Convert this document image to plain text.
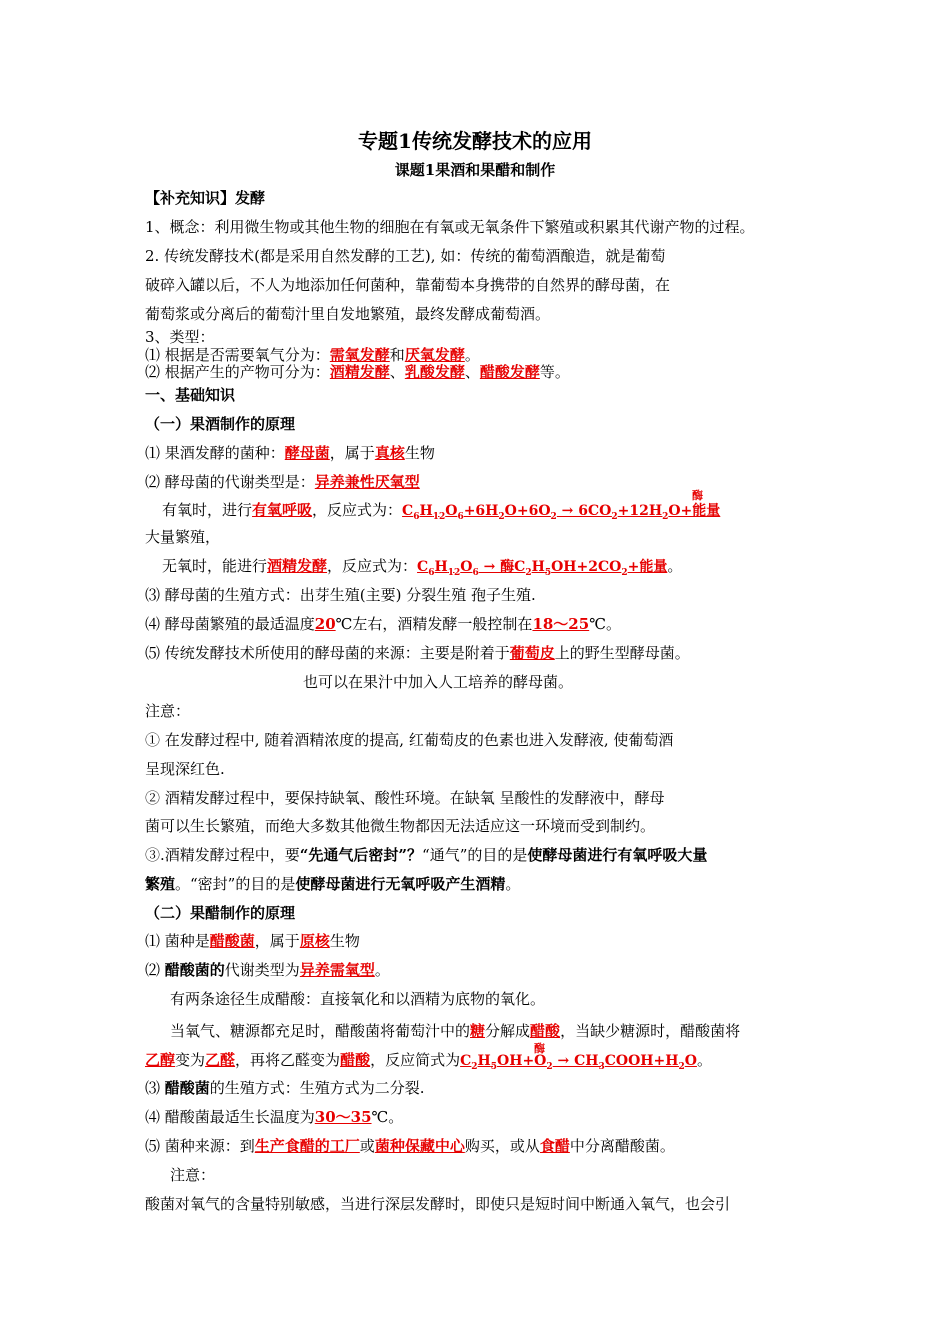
专题1传统发酵技术的应用
课题1果酒和果醋和制作
【补充知识】发酵
1、概念：利用微生物或其他生物的细胞在有氧或无氧条件下繁殖或积累其代谢产物的过程。
2. 传统发酵技术(都是采用自然发酵的工艺), 如：传统的葡萄酒酿造，就是葡萄
破碎入罐以后，不人为地添加任何菌种，靠葡萄本身携带的自然界的酵母菌，在
葡萄浆或分离后的葡萄汁里自发地繁殖，最终发酵成葡萄酒。
3、类型：
⑴ 根据是否需要氧气分为：需氧发酵和厌氧发酵。
⑵ 根据产生的产物可分为：酒精发酵、乳酸发酵、醋酸发酵等。
一、基础知识
（一）果酒制作的原理
⑴ 果酒发酵的菌种：酵母菌，属于真核生物
⑵ 酵母菌的代谢类型是：异养兼性厌氧型
有氧时，进行有氧呼吸，反应式为：$C_6H_{12}O_6+6H_2O+6O_2 \to 6CO_2+12H_2O+$能量
酶
大量繁殖，
无氧时，能进行酒精发酵，反应式为：$C_6H_{12}O_6$ → 酶$C_2H_5OH+2CO_2+$能量。
⑶ 酵母菌的生殖方式：出芽生殖(主要) 分裂生殖 孢子生殖.
⑷ 酵母菌繁殖的最适温度20℃左右，酒精发酵一般控制在18～25℃。
⑸ 传统发酵技术所使用的酵母菌的来源：主要是附着于葡萄皮上的野生型酵母菌。
也可以在果汁中加入人工培养的酵母菌。
注意：
① 在发酵过程中, 随着酒精浓度的提高, 红葡萄皮的色素也进入发酵液, 使葡萄酒
呈现深红色.
② 酒精发酵过程中，要保持缺氧、酸性环境。在缺氧 呈酸性的发酵液中，酵母
菌可以生长繁殖，而绝大多数其他微生物都因无法适应这一环境而受到制约。
③.酒精发酵过程中，要“先通气后密封”？“通气”的目的是使酵母菌进行有氧呼吸大量
繁殖。“密封”的目的是使酵母菌进行无氧呼吸产生酒精。
（二）果醋制作的原理
⑴ 菌种是醋酸菌，属于原核生物
⑵ 醋酸菌的代谢类型为异养需氧型。
有两条途径生成醋酸：直接氧化和以酒精为底物的氧化。
当氧气、糖源都充足时，醋酸菌将葡萄汁中的糖分解成醋酸，当缺少糖源时，醋酸菌将
乙醇变为乙醛，再将乙醛变为醋酸，反应简式为$C_2H_5OH+O_2$ → $CH_3COOH+H_2O$。
酶
⑶ 醋酸菌的生殖方式：生殖方式为二分裂.
⑷ 醋酸菌最适生长温度为30～35℃。
⑸ 菌种来源：到生产食醋的工厂或菌种保藏中心购买，或从食醋中分离醋酸菌。
注意：
酸菌对氧气的含量特别敏感，当进行深层发酵时，即使只是短时间中断通入氧气，也会引
